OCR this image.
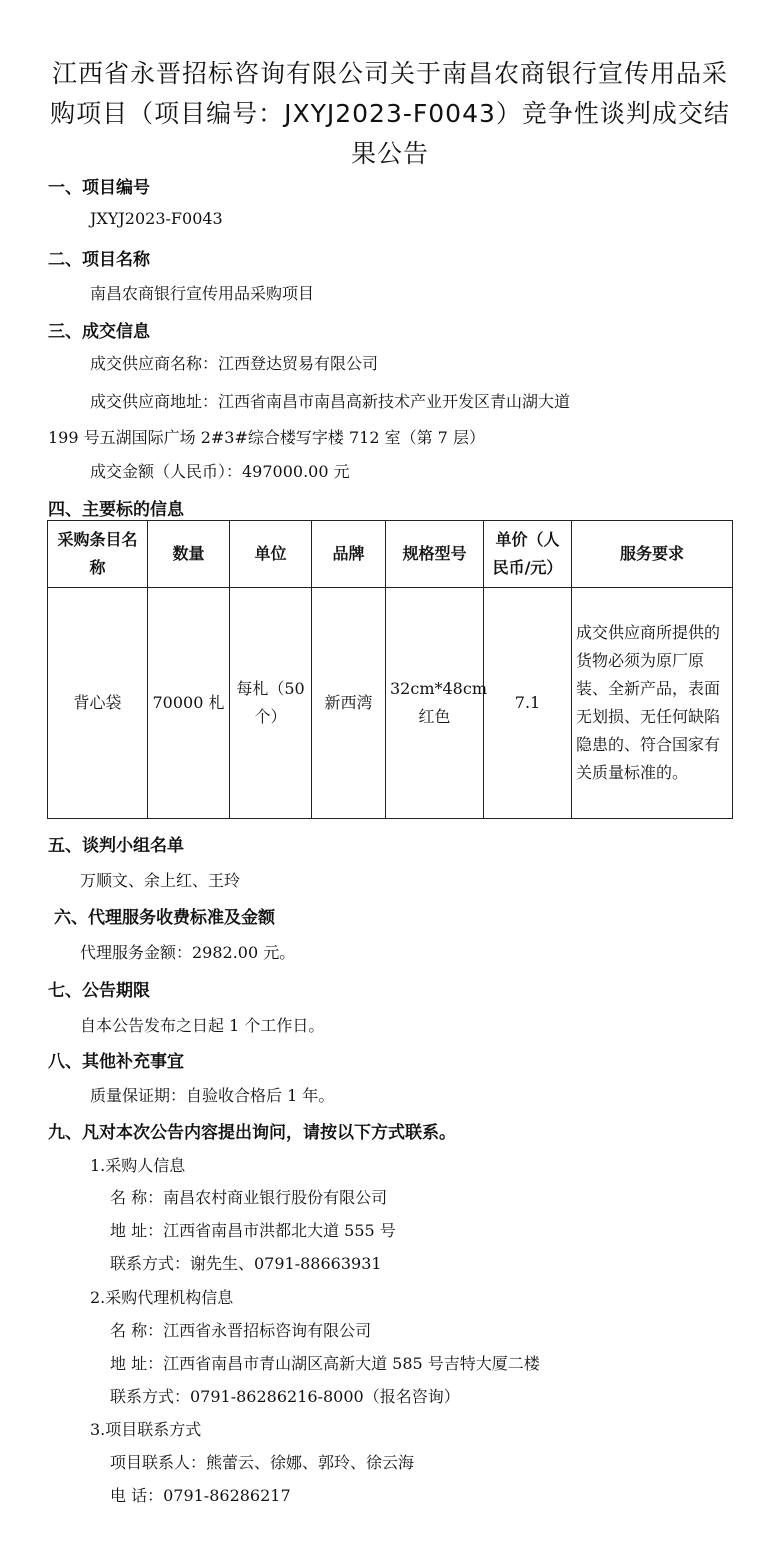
江西省永晋招标咨询有限公司关于南昌农商银行宣传用品采购项目（项目编号：JXYJ2023-F0043）竞争性谈判成交结果公告
一、项目编号
JXYJ2023-F0043
二、项目名称
南昌农商银行宣传用品采购项目
三、成交信息
成交供应商名称：江西登达贸易有限公司
成交供应商地址：江西省南昌市南昌高新技术产业开发区青山湖大道
199 号五湖国际广场 2#3#综合楼写字楼 712 室（第 7 层）
成交金额（人民币）：497000.00 元
四、主要标的信息
采购条目名称	数量	单位	品牌	规格型号	单价（人民币/元）	服务要求
背心袋	70000 札	每札（50 个）	新西湾	32cm*48cm 红色	7.1	成交供应商所提供的货物必须为原厂原装、全新产品，表面无划损、无任何缺陷隐患的、符合国家有关质量标准的。
五、谈判小组名单
万顺文、余上红、王玲
六、代理服务收费标准及金额
代理服务金额：2982.00 元。
七、公告期限
自本公告发布之日起 1 个工作日。
八、其他补充事宜
质量保证期：自验收合格后 1 年。
九、凡对本次公告内容提出询问，请按以下方式联系。
1.采购人信息
名 称：南昌农村商业银行股份有限公司
地 址：江西省南昌市洪都北大道 555 号
联系方式：谢先生、0791-88663931
2.采购代理机构信息
名 称：江西省永晋招标咨询有限公司
地 址：江西省南昌市青山湖区高新大道 585 号吉特大厦二楼
联系方式：0791-86286216-8000（报名咨询）
3.项目联系方式
项目联系人：熊蕾云、徐娜、郭玲、徐云海
电 话：0791-86286217
